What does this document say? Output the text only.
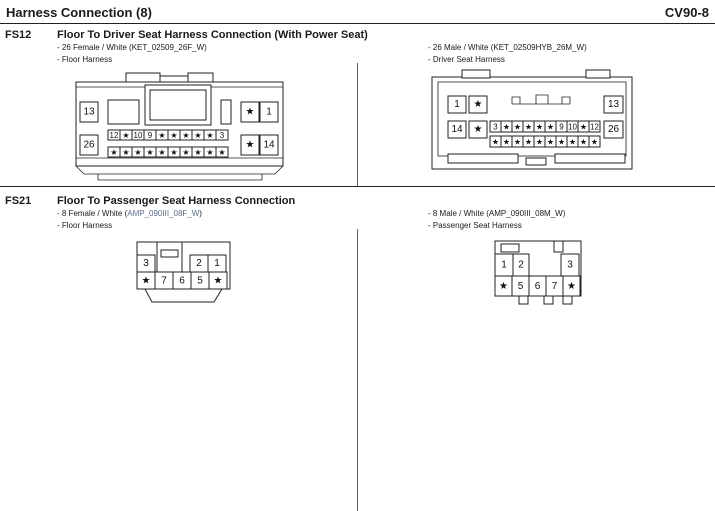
Harness Connection (8)	CV90-8
FS12 Floor To Driver Seat Harness Connection (With Power Seat)
- 26 Female / White (KET_02509_26F_W)
- Floor Harness
- 26 Male / White (KET_02509HYB_26M_W)
- Driver Seat Harness
FS21 Floor To Passenger Seat Harness Connection
- 8 Female / White (AMP_090III_08F_W)
- Floor Harness
- 8 Male / White (AMP_090III_08M_W)
- Passenger Seat Harness
13
26
★ 1
★ 14
12 ★ 10 9 ★ ★ ★ ★ ★ 3
★ ★ ★ ★ ★ ★ ★ ★ ★ ★
1 ★
14 ★
13
26
3 ★ ★ ★ ★ ★ 9 10 ★ 12
★ ★ ★ ★ ★ ★ ★ ★ ★ ★
3	2 1
★ 7 6 5 ★
1 2	3
★ 5 6 7 ★
